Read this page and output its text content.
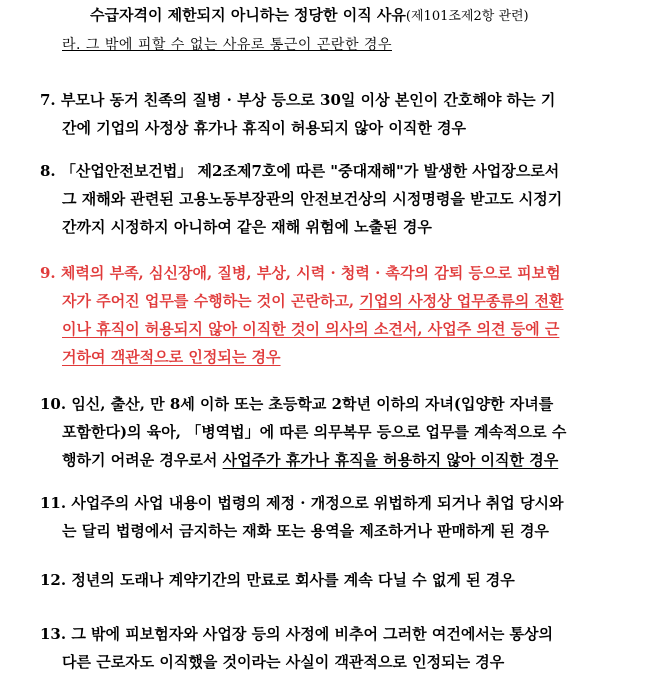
수급자격이 제한되지 아니하는 정당한 이직 사유(제101조제2항 관련)
라. 그 밖에 피할 수 없는 사유로 통근이 곤란한 경우
7. 부모나 동거 친족의 질병 · 부상 등으로 30일 이상 본인이 간호해야 하는 기
간에 기업의 사정상 휴가나 휴직이 허용되지 않아 이직한 경우
8. 「산업안전보건법」 제2조제7호에 따른 "중대재해"가 발생한 사업장으로서
그 재해와 관련된 고용노동부장관의 안전보건상의 시정명령을 받고도 시정기
간까지 시정하지 아니하여 같은 재해 위험에 노출된 경우
9. 체력의 부족, 심신장애, 질병, 부상, 시력 · 청력 · 촉각의 감퇴 등으로 피보험
자가 주어진 업무를 수행하는 것이 곤란하고, 기업의 사정상 업무종류의 전환
이나 휴직이 허용되지 않아 이직한 것이 의사의 소견서, 사업주 의견 등에 근
거하여 객관적으로 인정되는 경우
10. 임신, 출산, 만 8세 이하 또는 초등학교 2학년 이하의 자녀(입양한 자녀를
포함한다)의 육아, 「병역법」에 따른 의무복무 등으로 업무를 계속적으로 수
행하기 어려운 경우로서 사업주가 휴가나 휴직을 허용하지 않아 이직한 경우
11. 사업주의 사업 내용이 법령의 제정 · 개정으로 위법하게 되거나 취업 당시와
는 달리 법령에서 금지하는 재화 또는 용역을 제조하거나 판매하게 된 경우
12. 정년의 도래나 계약기간의 만료로 회사를 계속 다닐 수 없게 된 경우
13. 그 밖에 피보험자와 사업장 등의 사정에 비추어 그러한 여건에서는 통상의
다른 근로자도 이직했을 것이라는 사실이 객관적으로 인정되는 경우
